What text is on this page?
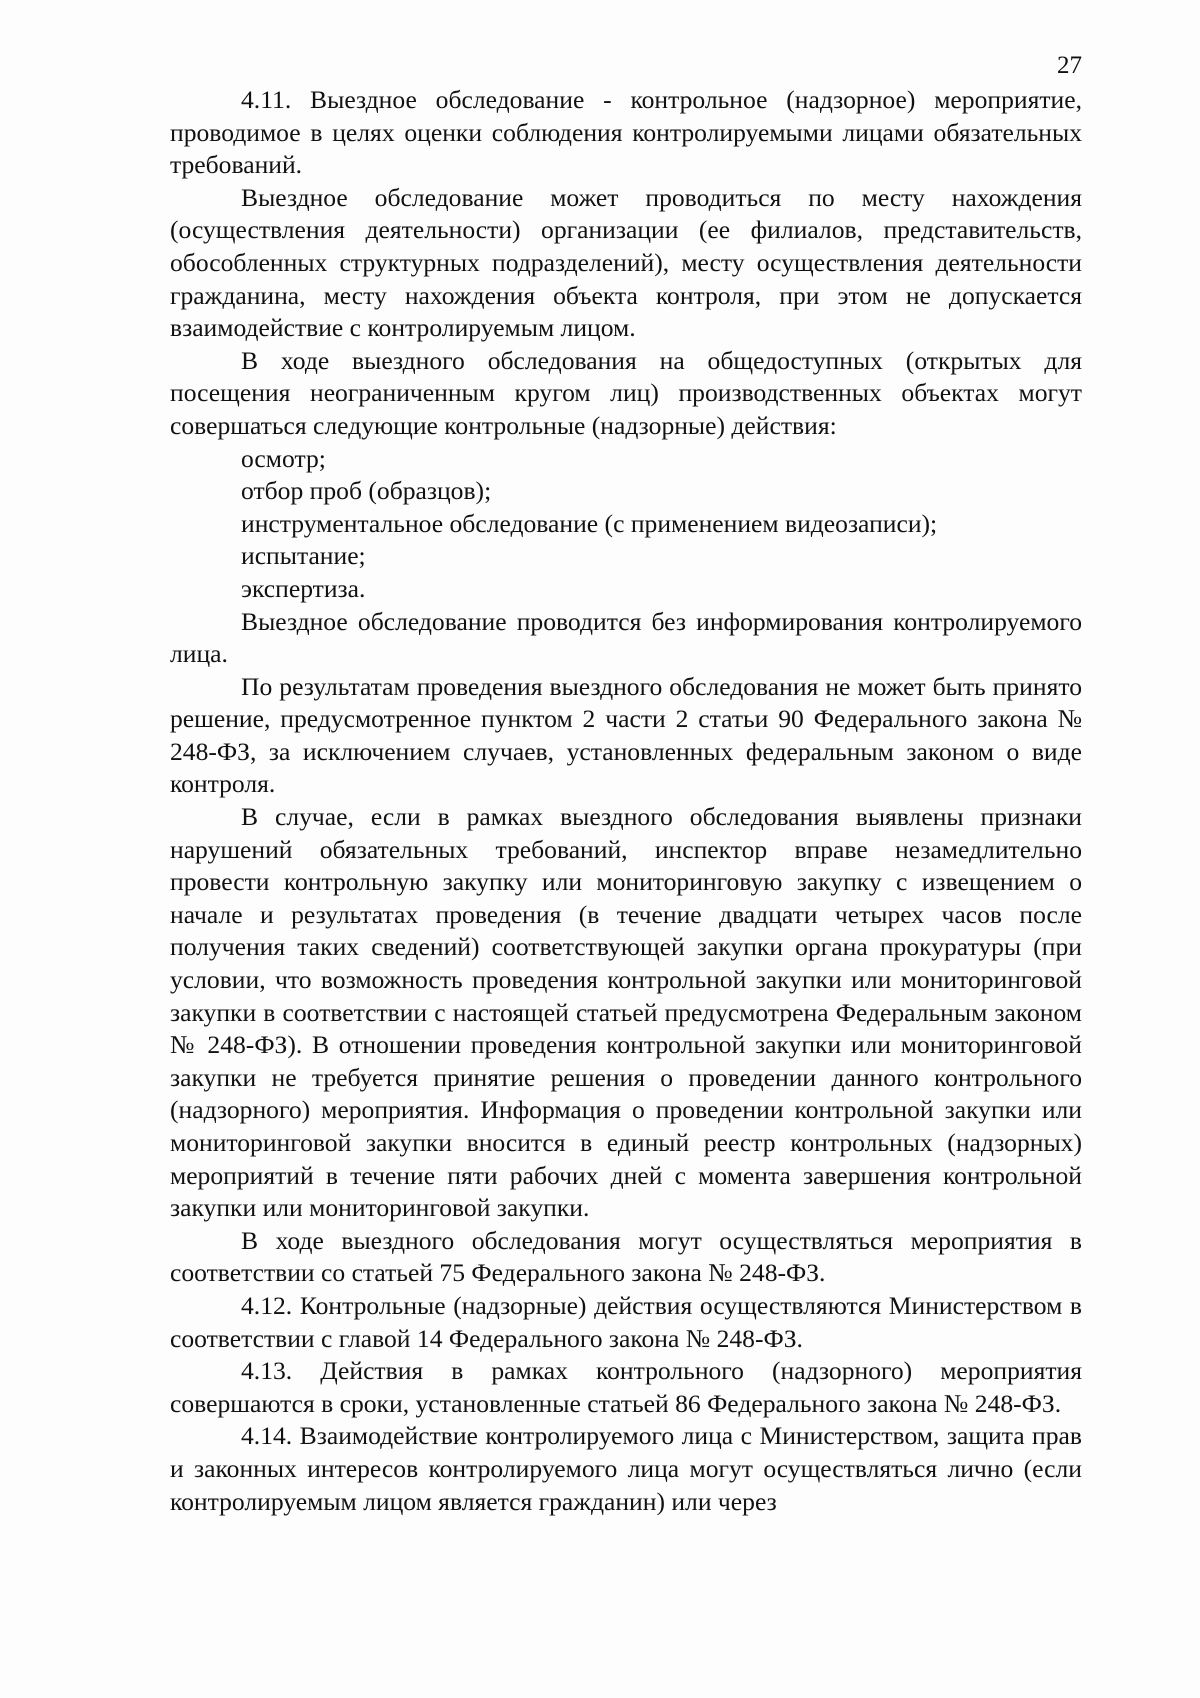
27

4.11. Выездное обследование - контрольное (надзорное) мероприятие, проводимое в целях оценки соблюдения контролируемыми лицами обязательных требований.

Выездное обследование может проводиться по месту нахождения (осуществления деятельности) организации (ее филиалов, представительств, обособленных структурных подразделений), месту осуществления деятельности гражданина, месту нахождения объекта контроля, при этом не допускается взаимодействие с контролируемым лицом.

В ходе выездного обследования на общедоступных (открытых для посещения неограниченным кругом лиц) производственных объектах могут совершаться следующие контрольные (надзорные) действия:

осмотр;
отбор проб (образцов);
инструментальное обследование (с применением видеозаписи);
испытание;
экспертиза.

Выездное обследование проводится без информирования контролируемого лица.

По результатам проведения выездного обследования не может быть принято решение, предусмотренное пунктом 2 части 2 статьи 90 Федерального закона № 248-ФЗ, за исключением случаев, установленных федеральным законом о виде контроля.

В случае, если в рамках выездного обследования выявлены признаки нарушений обязательных требований, инспектор вправе незамедлительно провести контрольную закупку или мониторинговую закупку с извещением о начале и результатах проведения (в течение двадцати четырех часов после получения таких сведений) соответствующей закупки органа прокуратуры (при условии, что возможность проведения контрольной закупки или мониторинговой закупки в соответствии с настоящей статьей предусмотрена Федеральным законом № 248-ФЗ). В отношении проведения контрольной закупки или мониторинговой закупки не требуется принятие решения о проведении данного контрольного (надзорного) мероприятия. Информация о проведении контрольной закупки или мониторинговой закупки вносится в единый реестр контрольных (надзорных) мероприятий в течение пяти рабочих дней с момента завершения контрольной закупки или мониторинговой закупки.

В ходе выездного обследования могут осуществляться мероприятия в соответствии со статьей 75 Федерального закона № 248-ФЗ.

4.12. Контрольные (надзорные) действия осуществляются Министерством в соответствии с главой 14 Федерального закона № 248-ФЗ.

4.13. Действия в рамках контрольного (надзорного) мероприятия совершаются в сроки, установленные статьей 86 Федерального закона № 248-ФЗ.

4.14. Взаимодействие контролируемого лица с Министерством, защита прав и законных интересов контролируемого лица могут осуществляться лично (если контролируемым лицом является гражданин) или через
